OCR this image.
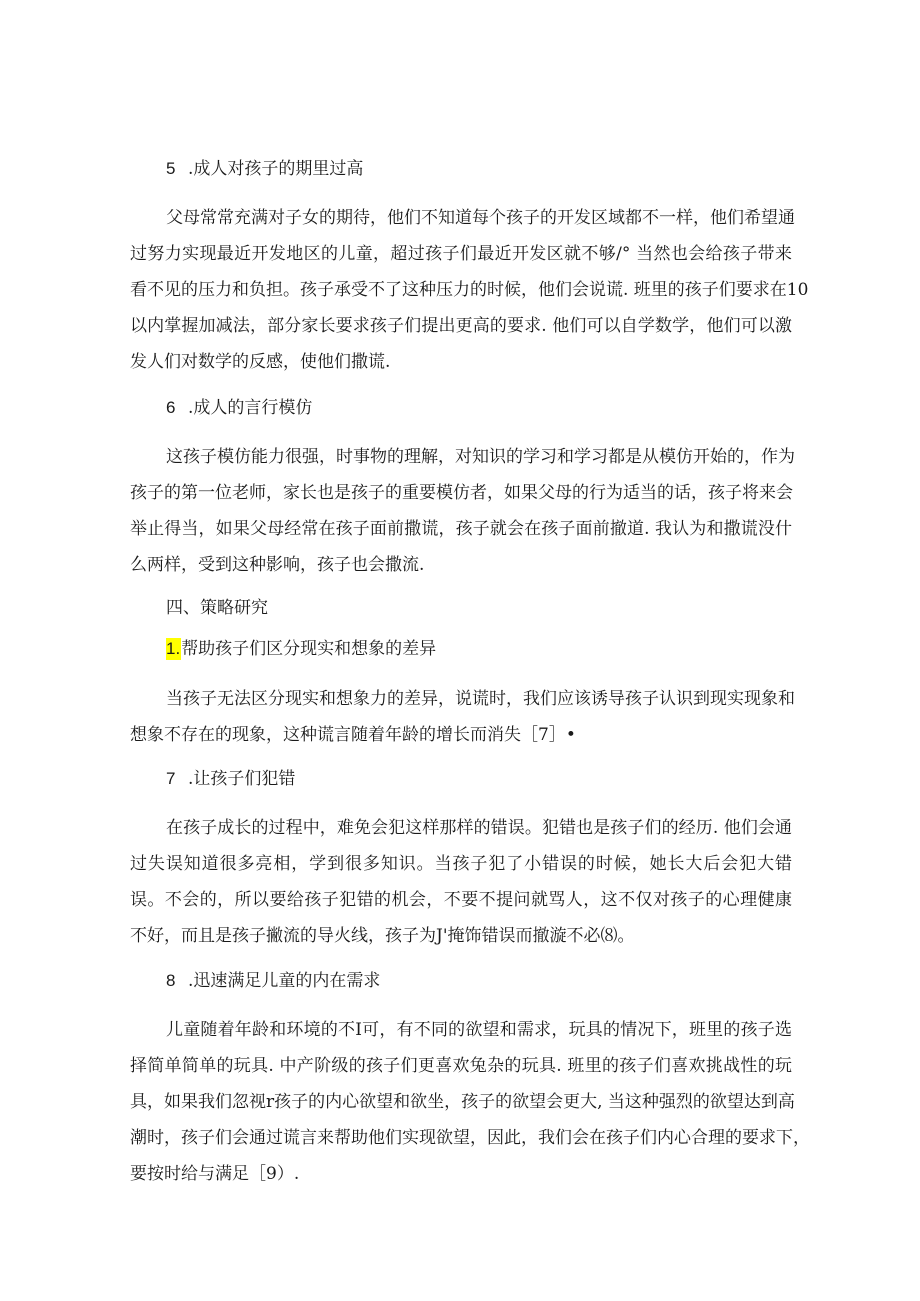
5 .成人对孩子的期里过高
父母常常充满对子女的期待，他们不知道每个孩子的开发区域都不一样，他们希望通
过努力实现最近开发地区的儿童，超过孩子们最近开发区就不够/° 当然也会给孩子带来
看不见的压力和负担。孩子承受不了这种压力的时候，他们会说谎. 班里的孩子们要求在10
以内掌握加减法，部分家长要求孩子们提出更高的要求. 他们可以自学数学，他们可以激
发人们对数学的反感，使他们撒谎.
6 .成人的言行模仿
这孩子模仿能力很强，时事物的理解，对知识的学习和学习都是从模仿开始的，作为
孩子的第一位老师，家长也是孩子的重要模仿者，如果父母的行为适当的话，孩子将来会
举止得当，如果父母经常在孩子面前撒谎，孩子就会在孩子面前撤道. 我认为和撒谎没什
么两样，受到这种影响，孩子也会撒流.
四、策略研究
1.帮助孩子们区分现实和想象的差异
当孩子无法区分现实和想象力的差异，说谎时，我们应该诱导孩子认识到现实现象和
想象不存在的现象，这种谎言随着年龄的增长而消失［7］•
7 .让孩子们犯错
在孩子成长的过程中，难免会犯这样那样的错误。犯错也是孩子们的经历. 他们会通
过失误知道很多亮相，学到很多知识。当孩子犯了小错误的时候，她长大后会犯大错
误。不会的，所以要给孩子犯错的机会，不要不提问就骂人，这不仅对孩子的心理健康
不好，而且是孩子撇流的导火线，孩子为J'掩饰错误而撤漩不必⑻。
8 .迅速满足儿童的内在需求
儿童随着年龄和环境的不I可，有不同的欲望和需求，玩具的情况下，班里的孩子选
择简单简单的玩具. 中产阶级的孩子们更喜欢兔杂的玩具. 班里的孩子们喜欢挑战性的玩
具，如果我们忽视r孩子的内心欲望和欲坐，孩子的欲望会更大, 当这种强烈的欲望达到高
潮时，孩子们会通过谎言来帮助他们实现欲望，因此，我们会在孩子们内心合理的要求下，
要按时给与满足［9）.
